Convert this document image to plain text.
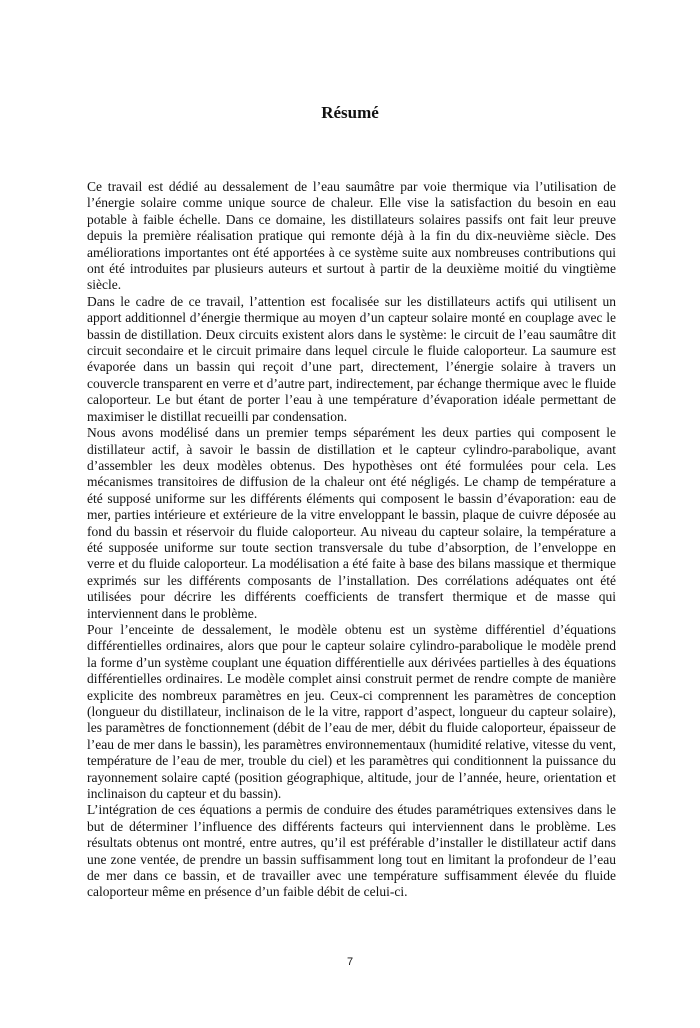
Résumé

Ce travail est dédié au dessalement de l’eau saumâtre par voie thermique via l’utilisation de l’énergie solaire comme unique source de chaleur. Elle vise la satisfaction du besoin en eau potable à faible échelle. Dans ce domaine, les distillateurs solaires passifs ont fait leur preuve depuis la première réalisation pratique qui remonte déjà à la fin du dix-neuvième siècle. Des améliorations importantes ont été apportées à ce système suite aux nombreuses contributions qui ont été introduites par plusieurs auteurs et surtout à partir de la deuxième moitié du vingtième siècle.

Dans le cadre de ce travail, l’attention est focalisée sur les distillateurs actifs qui utilisent un apport additionnel d’énergie thermique au moyen d’un capteur solaire monté en couplage avec le bassin de distillation. Deux circuits existent alors dans le système: le circuit de l’eau saumâtre dit circuit secondaire et le circuit primaire dans lequel circule le fluide caloporteur. La saumure est évaporée dans un bassin qui reçoit d’une part, directement, l’énergie solaire à travers un couvercle transparent en verre et d’autre part, indirectement, par échange thermique avec le fluide caloporteur. Le but étant de porter l’eau à une température d’évaporation idéale permettant de maximiser le distillat recueilli par condensation.

Nous avons modélisé dans un premier temps séparément les deux parties qui composent le distillateur actif, à savoir le bassin de distillation et le capteur cylindro-parabolique, avant d’assembler les deux modèles obtenus. Des hypothèses ont été formulées pour cela. Les mécanismes transitoires de diffusion de la chaleur ont été négligés. Le champ de température a été supposé uniforme sur les différents éléments qui composent le bassin d’évaporation: eau de mer, parties intérieure et extérieure de la vitre enveloppant le bassin, plaque de cuivre déposée au fond du bassin et réservoir du fluide caloporteur. Au niveau du capteur solaire, la température a été supposée uniforme sur toute section transversale du tube d’absorption, de l’enveloppe en verre et du fluide caloporteur. La modélisation a été faite à base des bilans massique et thermique exprimés sur les différents composants de l’installation. Des corrélations adéquates ont été utilisées pour décrire les différents coefficients de transfert thermique et de masse qui interviennent dans le problème.

Pour l’enceinte de dessalement, le modèle obtenu est un système différentiel d’équations différentielles ordinaires, alors que pour le capteur solaire cylindro-parabolique le modèle prend la forme d’un système couplant une équation différentielle aux dérivées partielles à des équations différentielles ordinaires. Le modèle complet ainsi construit permet de rendre compte de manière explicite des nombreux paramètres en jeu. Ceux-ci comprennent les paramètres de conception (longueur du distillateur, inclinaison de le la vitre, rapport d’aspect, longueur du capteur solaire), les paramètres de fonctionnement (débit de l’eau de mer, débit du fluide caloporteur, épaisseur de l’eau de mer dans le bassin), les paramètres environnementaux (humidité relative, vitesse du vent, température de l’eau de mer, trouble du ciel) et les paramètres qui conditionnent la puissance du rayonnement solaire capté (position géographique, altitude, jour de l’année, heure, orientation et inclinaison du capteur et du bassin).

L’intégration de ces équations a permis de conduire des études paramétriques extensives dans le but de déterminer l’influence des différents facteurs qui interviennent dans le problème. Les résultats obtenus ont montré, entre autres, qu’il est préférable d’installer le distillateur actif dans une zone ventée, de prendre un bassin suffisamment long tout en limitant la profondeur de l’eau de mer dans ce bassin, et de travailler avec une température suffisamment élevée du fluide caloporteur même en présence d’un faible débit de celui-ci.

7
